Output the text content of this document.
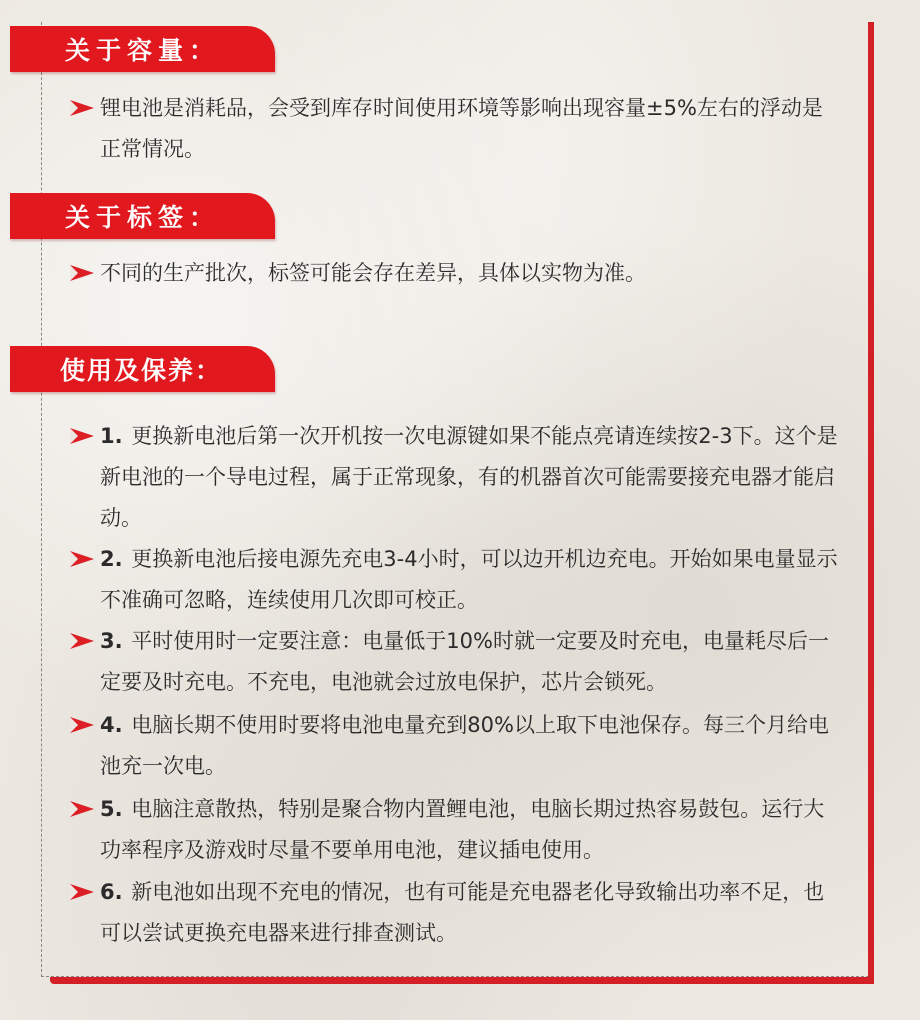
关于容量：
锂电池是消耗品，会受到库存时间使用环境等影响出现容量±5%左右的浮动是正常情况。
关于标签：
不同的生产批次，标签可能会存在差异，具体以实物为准。
使用及保养：
1. 更换新电池后第一次开机按一次电源键如果不能点亮请连续按2-3下。这个是新电池的一个导电过程，属于正常现象，有的机器首次可能需要接充电器才能启动。
2. 更换新电池后接电源先充电3-4小时，可以边开机边充电。开始如果电量显示不准确可忽略，连续使用几次即可校正。
3. 平时使用时一定要注意：电量低于10%时就一定要及时充电，电量耗尽后一定要及时充电。不充电，电池就会过放电保护，芯片会锁死。
4. 电脑长期不使用时要将电池电量充到80%以上取下电池保存。每三个月给电池充一次电。
5. 电脑注意散热，特别是聚合物内置鲤电池，电脑长期过热容易鼓包。运行大功率程序及游戏时尽量不要单用电池，建议插电使用。
6. 新电池如出现不充电的情况，也有可能是充电器老化导致输出功率不足，也可以尝试更换充电器来进行排查测试。
